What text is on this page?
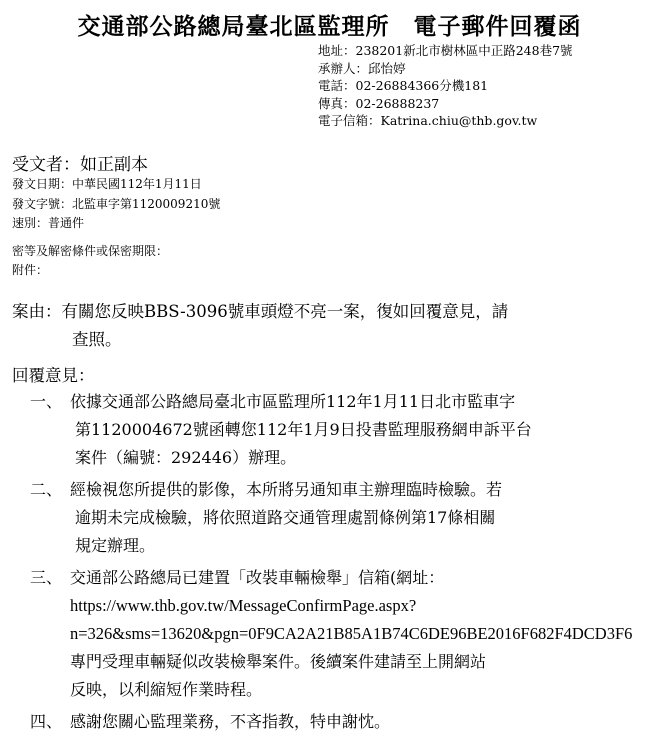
交通部公路總局臺北區監理所　電子郵件回覆函
地址：238201新北市樹林區中正路248巷7號
承辦人：邱怡婷
電話：02-26884366分機181
傳真：02-26888237
電子信箱：Katrina.chiu@thb.gov.tw
受文者：如正副本
發文日期：中華民國112年1月11日
發文字號：北監車字第1120009210號
速別：普通件
密等及解密條件或保密期限：
附件：
案由：有關您反映BBS-3096號車頭燈不亮一案，復如回覆意見，請
查照。
回覆意見：
一、 依據交通部公路總局臺北市區監理所112年1月11日北市監車字
第1120004672號函轉您112年1月9日投書監理服務網申訴平台
案件（編號：292446）辦理。
二、 經檢視您所提供的影像，本所將另通知車主辦理臨時檢驗。若
逾期未完成檢驗，將依照道路交通管理處罰條例第17條相關
規定辦理。
三、 交通部公路總局已建置「改裝車輛檢舉」信箱(網址：
https://www.thb.gov.tw/MessageConfirmPage.aspx?
n=326&sms=13620&pgn=0F9CA2A21B85A1B74C6DE96BE2016F682F4DCD3F6
專門受理車輛疑似改裝檢舉案件。後續案件建請至上開網站
反映，以利縮短作業時程。
四、 感謝您關心監理業務，不吝指教，特申謝忱。
